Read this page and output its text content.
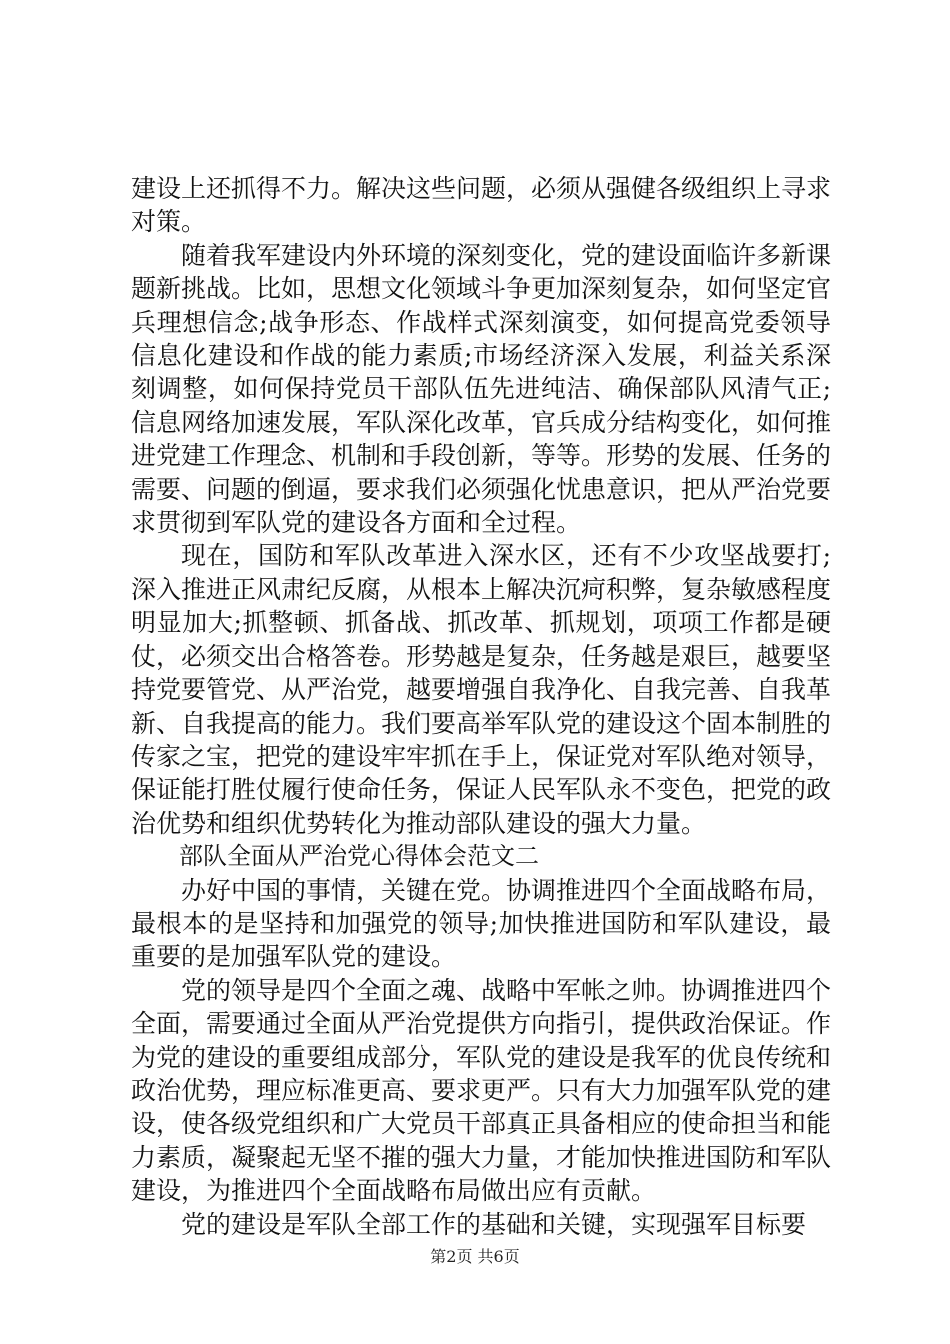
建设上还抓得不力。解决这些问题，必须从强健各级组织上寻求对策。

随着我军建设内外环境的深刻变化，党的建设面临许多新课题新挑战。比如，思想文化领域斗争更加深刻复杂，如何坚定官兵理想信念;战争形态、作战样式深刻演变，如何提高党委领导信息化建设和作战的能力素质;市场经济深入发展，利益关系深刻调整，如何保持党员干部队伍先进纯洁、确保部队风清气正;信息网络加速发展，军队深化改革，官兵成分结构变化，如何推进党建工作理念、机制和手段创新，等等。形势的发展、任务的需要、问题的倒逼，要求我们必须强化忧患意识，把从严治党要求贯彻到军队党的建设各方面和全过程。

现在，国防和军队改革进入深水区，还有不少攻坚战要打;深入推进正风肃纪反腐，从根本上解决沉疴积弊，复杂敏感程度明显加大;抓整顿、抓备战、抓改革、抓规划，项项工作都是硬仗，必须交出合格答卷。形势越是复杂，任务越是艰巨，越要坚持党要管党、从严治党，越要增强自我净化、自我完善、自我革新、自我提高的能力。我们要高举军队党的建设这个固本制胜的传家之宝，把党的建设牢牢抓在手上，保证党对军队绝对领导，保证能打胜仗履行使命任务，保证人民军队永不变色，把党的政治优势和组织优势转化为推动部队建设的强大力量。

部队全面从严治党心得体会范文二

办好中国的事情，关键在党。协调推进四个全面战略布局，最根本的是坚持和加强党的领导;加快推进国防和军队建设，最重要的是加强军队党的建设。

党的领导是四个全面之魂、战略中军帐之帅。协调推进四个全面，需要通过全面从严治党提供方向指引，提供政治保证。作为党的建设的重要组成部分，军队党的建设是我军的优良传统和政治优势，理应标准更高、要求更严。只有大力加强军队党的建设，使各级党组织和广大党员干部真正具备相应的使命担当和能力素质，凝聚起无坚不摧的强大力量，才能加快推进国防和军队建设，为推进四个全面战略布局做出应有贡献。

党的建设是军队全部工作的基础和关键，实现强军目标要

第2页 共6页
